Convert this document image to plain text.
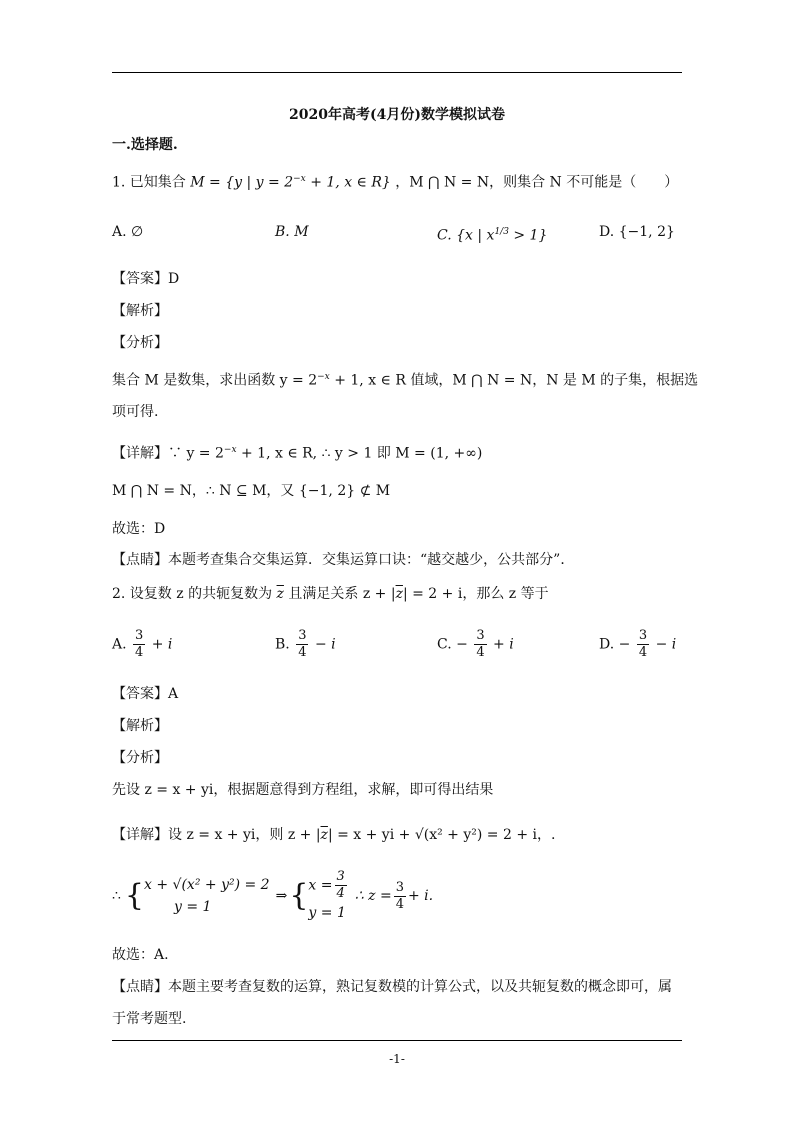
2020年高考(4月份)数学模拟试卷
一.选择题.
1. 已知集合 M = {y | $y = 2^{-x} + 1$, x ∈ R} ，M ⋂ N = N，则集合 N 不可能是（　　）
A. ∅	B. M	C. {x | $x^{1/3} > 1$}	D. {−1, 2}
【答案】D
【解析】
【分析】
集合 M 是数集，求出函数 $y = 2^{-x} + 1$, x ∈ R 值域，M ⋂ N = N，N 是 M 的子集，根据选
项可得.
【详解】∵ $y = 2^{-x} + 1$, x ∈ R, ∴ y > 1 即 M = (1, +∞)
M ⋂ N = N，∴ N ⊆ M，又 {−1, 2} ⊄ M
故选：D
【点睛】本题考查集合交集运算．交集运算口诀：“越交越少，公共部分”．
2. 设复数 z 的共轭复数为 $\overline{z}$ 且满足关系 $z + |\overline{z}| = 2 + i$，那么 z 等于
A. $\frac{3}{4} + i$	B. $\frac{3}{4} - i$	C. − $\frac{3}{4} + i$	D. − $\frac{3}{4} - i$
【答案】A
【解析】
【分析】
先设 z = x + yi，根据题意得到方程组，求解，即可得出结果
【详解】设 z = x + yi，则 $z + |\overline{z}| = x$ + yi + √(x² + y²) = 2 + i，.
∴ { x + √(x² + y²) = 2
y = 1
⇒ { $x = \frac{3}{4}$
y = 1
∴ $z = \frac{3}{4} + i$.
故选：A.
【点睛】本题主要考查复数的运算，熟记复数模的计算公式，以及共轭复数的概念即可，属
于常考题型.
-1-
